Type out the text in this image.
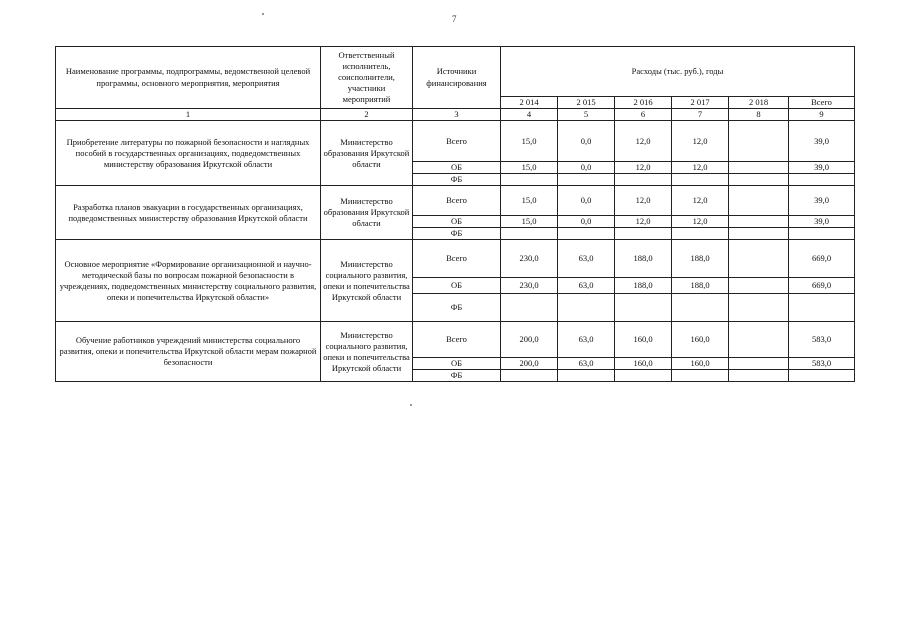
7
Наименование программы, подпрограммы, ведомственной целевой программы, основного мероприятия, мероприятия	Ответственный исполнитель, соисполнители, участники мероприятий	Источники финансирования	Расходы (тыс. руб.), годы					
			2 014	2 015	2 016	2 017	2 018	Всего
1	2	3	4	5	6	7	8	9
Приобретение литературы по пожарной безопасности и наглядных пособий в государственных организациях, подведомственных министерству образования Иркутской области	Министерство образования Иркутской области	Всего	15,0	0,0	12,0	12,0		39,0
		ОБ	15,0	0,0	12,0	12,0		39,0
		ФБ						
Разработка планов эвакуации в государственных организациях, подведомственных министерству образования Иркутской области	Министерство образования Иркутской области	Всего	15,0	0,0	12,0	12,0		39,0
		ОБ	15,0	0,0	12,0	12,0		39,0
		ФБ						
Основное мероприятие «Формирование организационной и научно-методической базы по вопросам пожарной безопасности в учреждениях, подведомственных министерству социального развития, опеки и попечительства Иркутской области»	Министерство социального развития, опеки и попечительства Иркутской области	Всего	230,0	63,0	188,0	188,0		669,0
		ОБ	230,0	63,0	188,0	188,0		669,0
		ФБ						
Обучение работников учреждений министерства социального развития, опеки и попечительства Иркутской области мерам пожарной безопасности	Министерство социального развития, опеки и попечительства Иркутской области	Всего	200,0	63,0	160,0	160,0		583,0
		ОБ	200,0	63,0	160,0	160,0		583,0
		ФБ						
